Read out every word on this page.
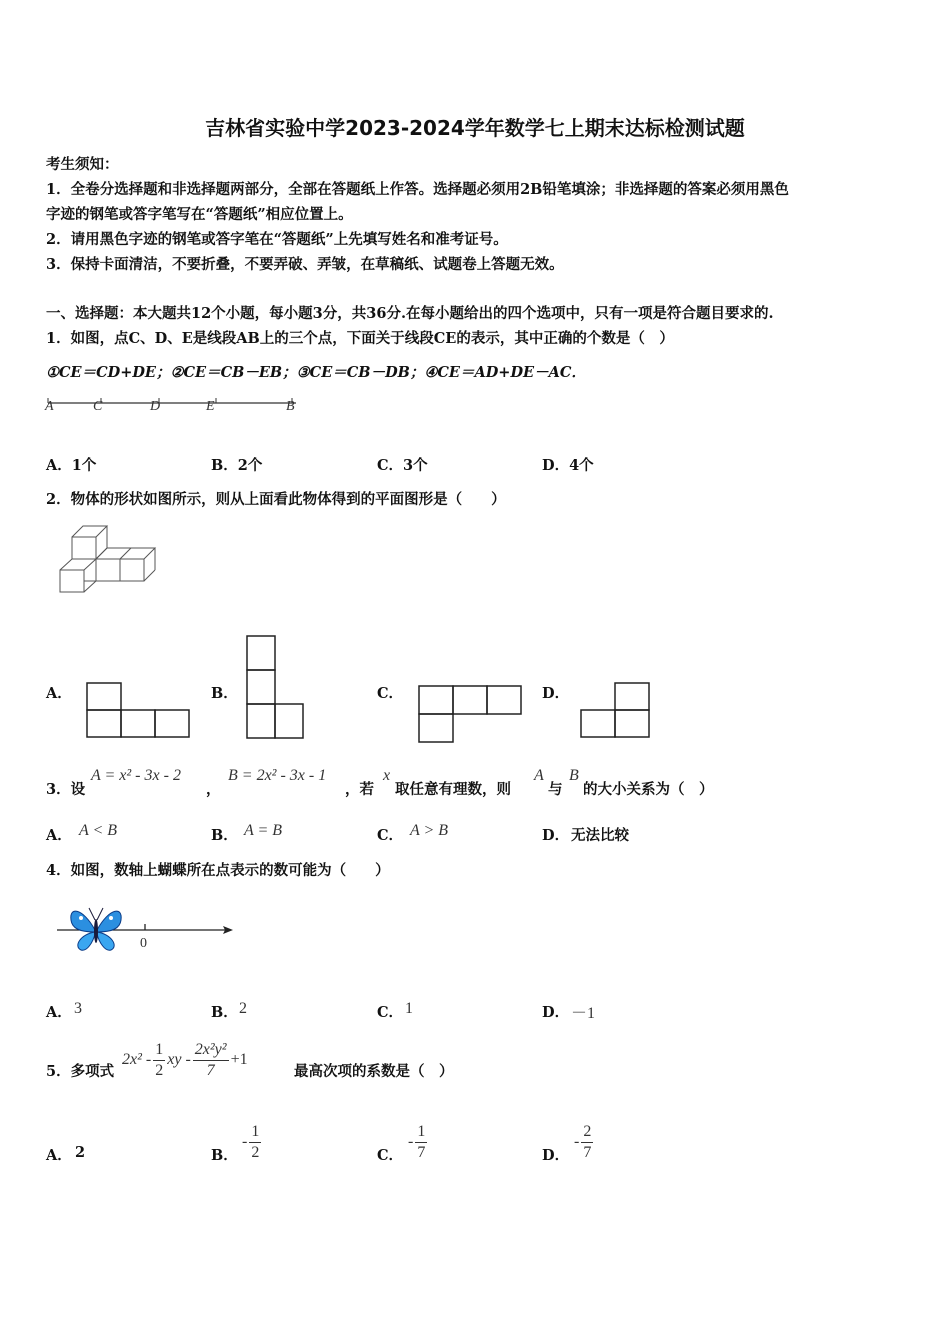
吉林省实验中学2023-2024学年数学七上期末达标检测试题
考生须知：
1．全卷分选择题和非选择题两部分，全部在答题纸上作答。选择题必须用2B铅笔填涂；非选择题的答案必须用黑色
字迹的钢笔或答字笔写在“答题纸”相应位置上。
2．请用黑色字迹的钢笔或答字笔在“答题纸”上先填写姓名和准考证号。
3．保持卡面清洁，不要折叠，不要弄破、弄皱，在草稿纸、试题卷上答题无效。
一、选择题：本大题共12个小题，每小题3分，共36分.在每小题给出的四个选项中，只有一项是符合题目要求的.
1．如图，点C、D、E是线段AB上的三个点，下面关于线段CE的表示，其中正确的个数是（　）
①CE＝CD+DE；②CE＝CB－EB；③CE＝CB－DB；④CE＝AD+DE－AC．
A	C	D	E	B
A．1个	B．2个	C．3个	D．4个
2．物体的形状如图所示，则从上面看此物体得到的平面图形是（　　）
A．	B．	C．	D．
3．设
A = x² - 3x - 2
，
B = 2x² - 3x - 1
，若
x
取任意有理数，则
A
与
B
的大小关系为（　）
A． A < B	B． A = B	C． A > B	D． 无法比较
4．如图，数轴上蝴蝶所在点表示的数可能为（　　）
0
A． 3	B． 2	C． 1	D． －1
5．多项式
$2x^2 - \frac{1}{2}$ xy - $\frac{\text{2x²y²}}{7} +1$
最高次项的系数是（　）
A． 2	B．
- $\frac{1}{2}$	C．
- $\frac{1}{7}$	D．
- $\frac{2}{7}$
